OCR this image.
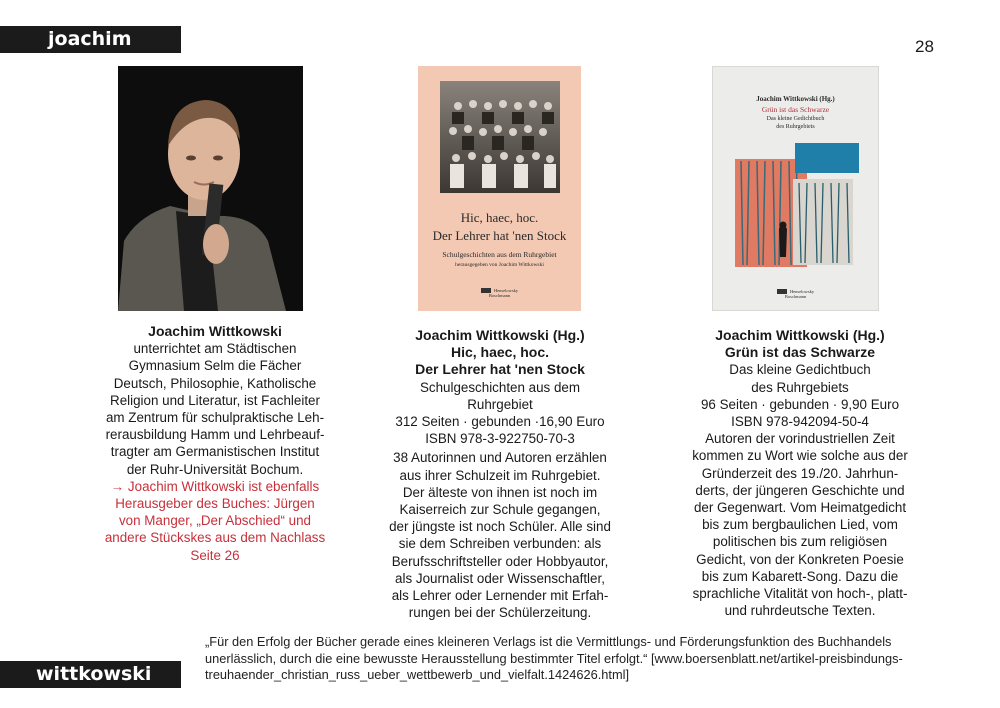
joachim	28
Hic, haec, hoc.
Der Lehrer hat 'nen Stock
Schulgeschichten aus dem Ruhrgebiet
herausgegeben von Joachim Wittkowski
Henselowsky
Boschmann
Joachim Wittkowski (Hg.)
Grün ist das Schwarze
Das kleine Gedichtbuch
des Ruhrgebiets
Henselowsky
Boschmann

Joachim Wittkowski

unterrichtet am Städtischen

Gymnasium Selm die Fächer

Deutsch, Philosophie, Katholische

Religion und Literatur, ist Fachleiter

am Zentrum für schulpraktische Leh-

rerausbildung Hamm und Lehrbeauf-

tragter am Germanistischen Institut

der Ruhr-Universität Bochum.

→ Joachim Wittkowski ist ebenfalls

Herausgeber des Buches: Jürgen

von Manger, „Der Abschied“ und

andere Stückskes aus dem Nachlass

Seite 26

Joachim Wittkowski (Hg.)

Hic, haec, hoc.

Der Lehrer hat 'nen Stock

Schulgeschichten aus dem

Ruhrgebiet

312 Seiten · gebunden ·16,90 Euro

ISBN 978-3-922750-70-3

38 Autorinnen und Autoren erzählen

aus ihrer Schulzeit im Ruhrgebiet.

Der älteste von ihnen ist noch im

Kaiserreich zur Schule gegangen,

der jüngste ist noch Schüler. Alle sind

sie dem Schreiben verbunden: als

Berufsschriftsteller oder Hobbyautor,

als Journalist oder Wissenschaftler,

als Lehrer oder Lernender mit Erfah-

rungen bei der Schülerzeitung.

Joachim Wittkowski (Hg.)

Grün ist das Schwarze

Das kleine Gedichtbuch

des Ruhrgebiets

96 Seiten · gebunden · 9,90 Euro

ISBN 978-942094-50-4

Autoren der vorindustriellen Zeit

kommen zu Wort wie solche aus der

Gründerzeit des 19./20. Jahrhun-

derts, der jüngeren Geschichte und

der Gegenwart. Vom Heimatgedicht

bis zum bergbaulichen Lied, vom

politischen bis zum religiösen

Gedicht, von der Konkreten Poesie

bis zum Kabarett-Song. Dazu die

sprachliche Vitalität von hoch-, platt-

und ruhrdeutsche Texten.

wittkowski
„Für den Erfolg der Bücher gerade eines kleineren Verlags ist die Vermittlungs- und Förderungsfunktion des Buchhandels unerlässlich, durch die eine bewusste Herausstellung bestimmter Titel erfolgt.“ [www.boersenblatt.net/artikel-preisbindungs-treuhaender_christian_russ_ueber_wettbewerb_und_vielfalt.1424626.html]
